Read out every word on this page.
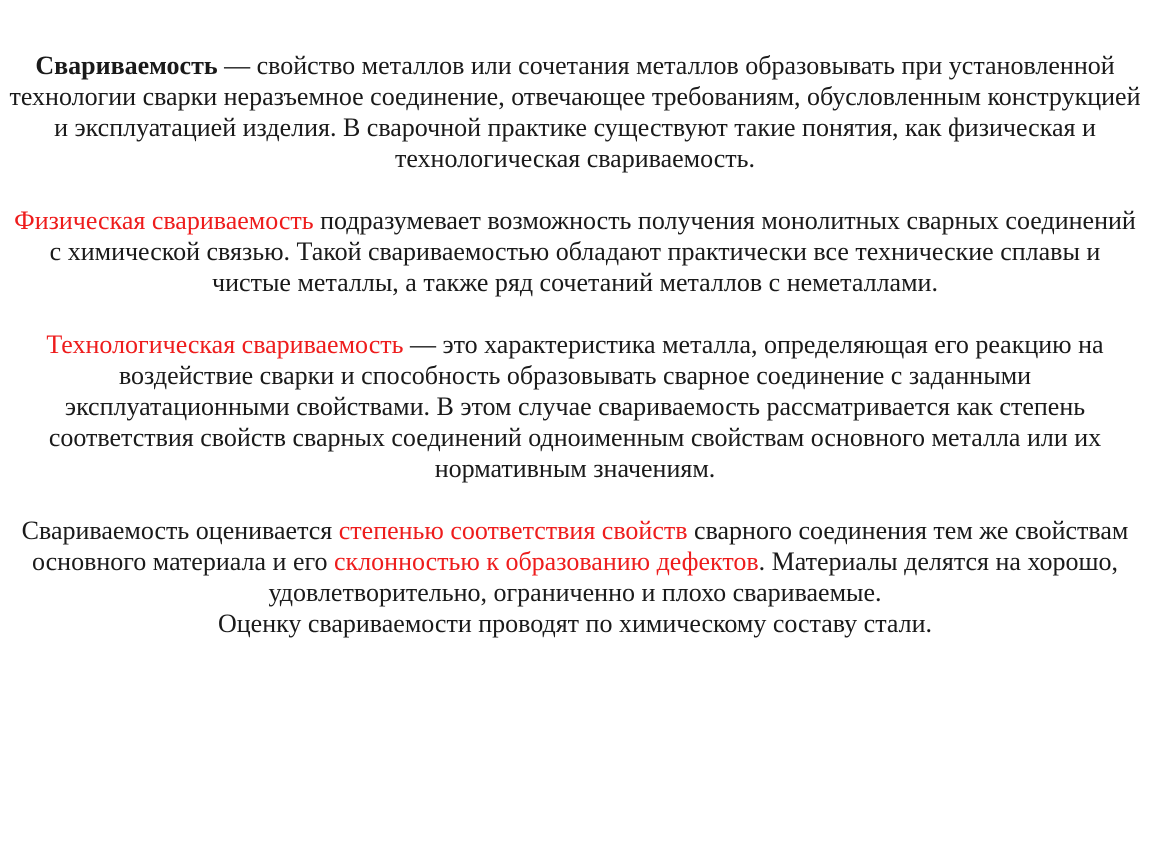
Свариваемость — свойство металлов или сочетания металлов образовывать при установленной технологии сварки неразъемное соединение, отвечающее требованиям, обусловленным конструкцией и эксплуатацией изделия. В сварочной практике существуют такие понятия, как физическая и технологическая свариваемость.

Физическая свариваемость подразумевает возможность получения монолитных сварных соединений с химической связью. Такой свариваемостью обладают практически все технические сплавы и чистые металлы, а также ряд сочетаний металлов с неметаллами.

Технологическая свариваемость — это характеристика металла, определяющая его реакцию на воздействие сварки и способность образовывать сварное соединение с заданными эксплуатационными свойствами. В этом случае свариваемость рассматривается как степень соответствия свойств сварных соединений одноименным свойствам основного металла или их нормативным значениям.

Свариваемость оценивается степенью соответствия свойств сварного соединения тем же свойствам основного материала и его склонностью к образованию дефектов. Материалы делятся на хорошо, удовлетворительно, ограниченно и плохо свариваемые.
Оценку свариваемости проводят по химическому составу стали.
